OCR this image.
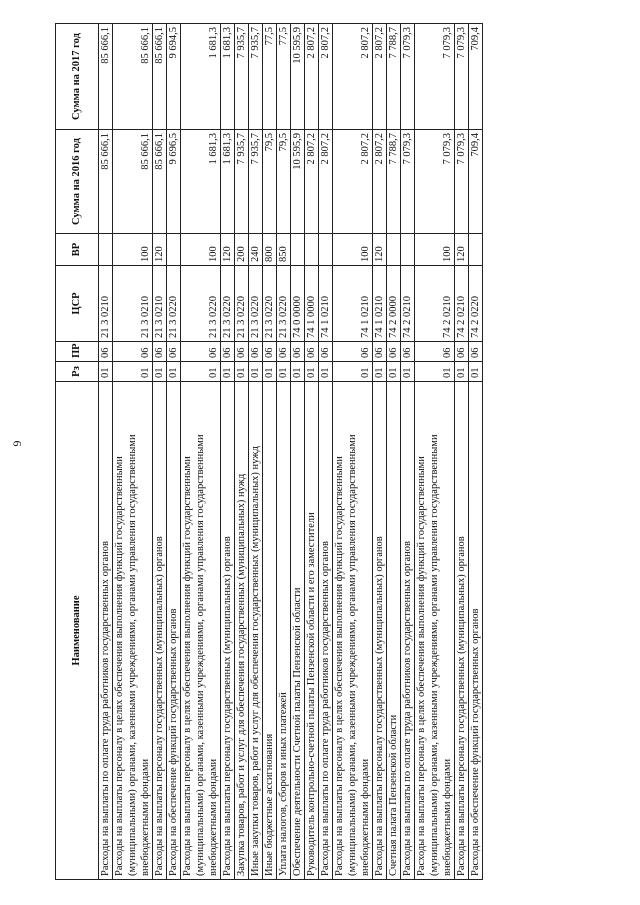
6
Наименование	Рз	ПР	ЦСР	ВР	Сумма на 2016 год	Сумма на 2017 год
Расходы на выплаты по оплате труда работников государственных органов	01	06	21 3 0210		85 666,1	85 666,1
Расходы на выплаты персоналу в целях обеспечения выполнения функций государственными (муниципальными) органами, казенными учреждениями, органами управления государственными внебюджетными фондами	01	06	21 3 0210	100	85 666,1	85 666,1
Расходы на выплаты персоналу государственных (муниципальных) органов	01	06	21 3 0210	120	85 666,1	85 666,1
Расходы на обеспечение функций государственных органов	01	06	21 3 0220		9 696,5	9 694,5
Расходы на выплаты персоналу в целях обеспечения выполнения функций государственными (муниципальными) органами, казенными учреждениями, органами управления государственными внебюджетными фондами	01	06	21 3 0220	100	1 681,3	1 681,3
Расходы на выплаты персоналу государственных (муниципальных) органов	01	06	21 3 0220	120	1 681,3	1 681,3
Закупка товаров, работ и услуг для обеспечения государственных (муниципальных) нужд	01	06	21 3 0220	200	7 935,7	7 935,7
Иные закупки товаров, работ и услуг для обеспечения государственных (муниципальных) нужд	01	06	21 3 0220	240	7 935,7	7 935,7
Иные бюджетные ассигнования	01	06	21 3 0220	800	79,5	77,5
Уплата налогов, сборов и иных платежей	01	06	21 3 0220	850	79,5	77,5
Обеспечение деятельности Счетной палаты Пензенской области	01	06	74 0 0000		10 595,9	10 595,9
Руководитель контрольно-счетной палаты Пензенской области и его заместители	01	06	74 1 0000		2 807,2	2 807,2
Расходы на выплаты по оплате труда работников государственных органов	01	06	74 1 0210		2 807,2	2 807,2
Расходы на выплаты персоналу в целях обеспечения выполнения функций государственными (муниципальными) органами, казенными учреждениями, органами управления государственными внебюджетными фондами	01	06	74 1 0210	100	2 807,2	2 807,2
Расходы на выплаты персоналу государственных (муниципальных) органов	01	06	74 1 0210	120	2 807,2	2 807,2
Счетная палата Пензенской области	01	06	74 2 0000		7 788,7	7 788,7
Расходы на выплаты по оплате труда работников государственных органов	01	06	74 2 0210		7 079,3	7 079,3
Расходы на выплаты персоналу в целях обеспечения выполнения функций государственными (муниципальными) органами, казенными учреждениями, органами управления государственными внебюджетными фондами	01	06	74 2 0210	100	7 079,3	7 079,3
Расходы на выплаты персоналу государственных (муниципальных) органов	01	06	74 2 0210	120	7 079,3	7 079,3
Расходы на обеспечение функций государственных органов	01	06	74 2 0220		709,4	709,4
